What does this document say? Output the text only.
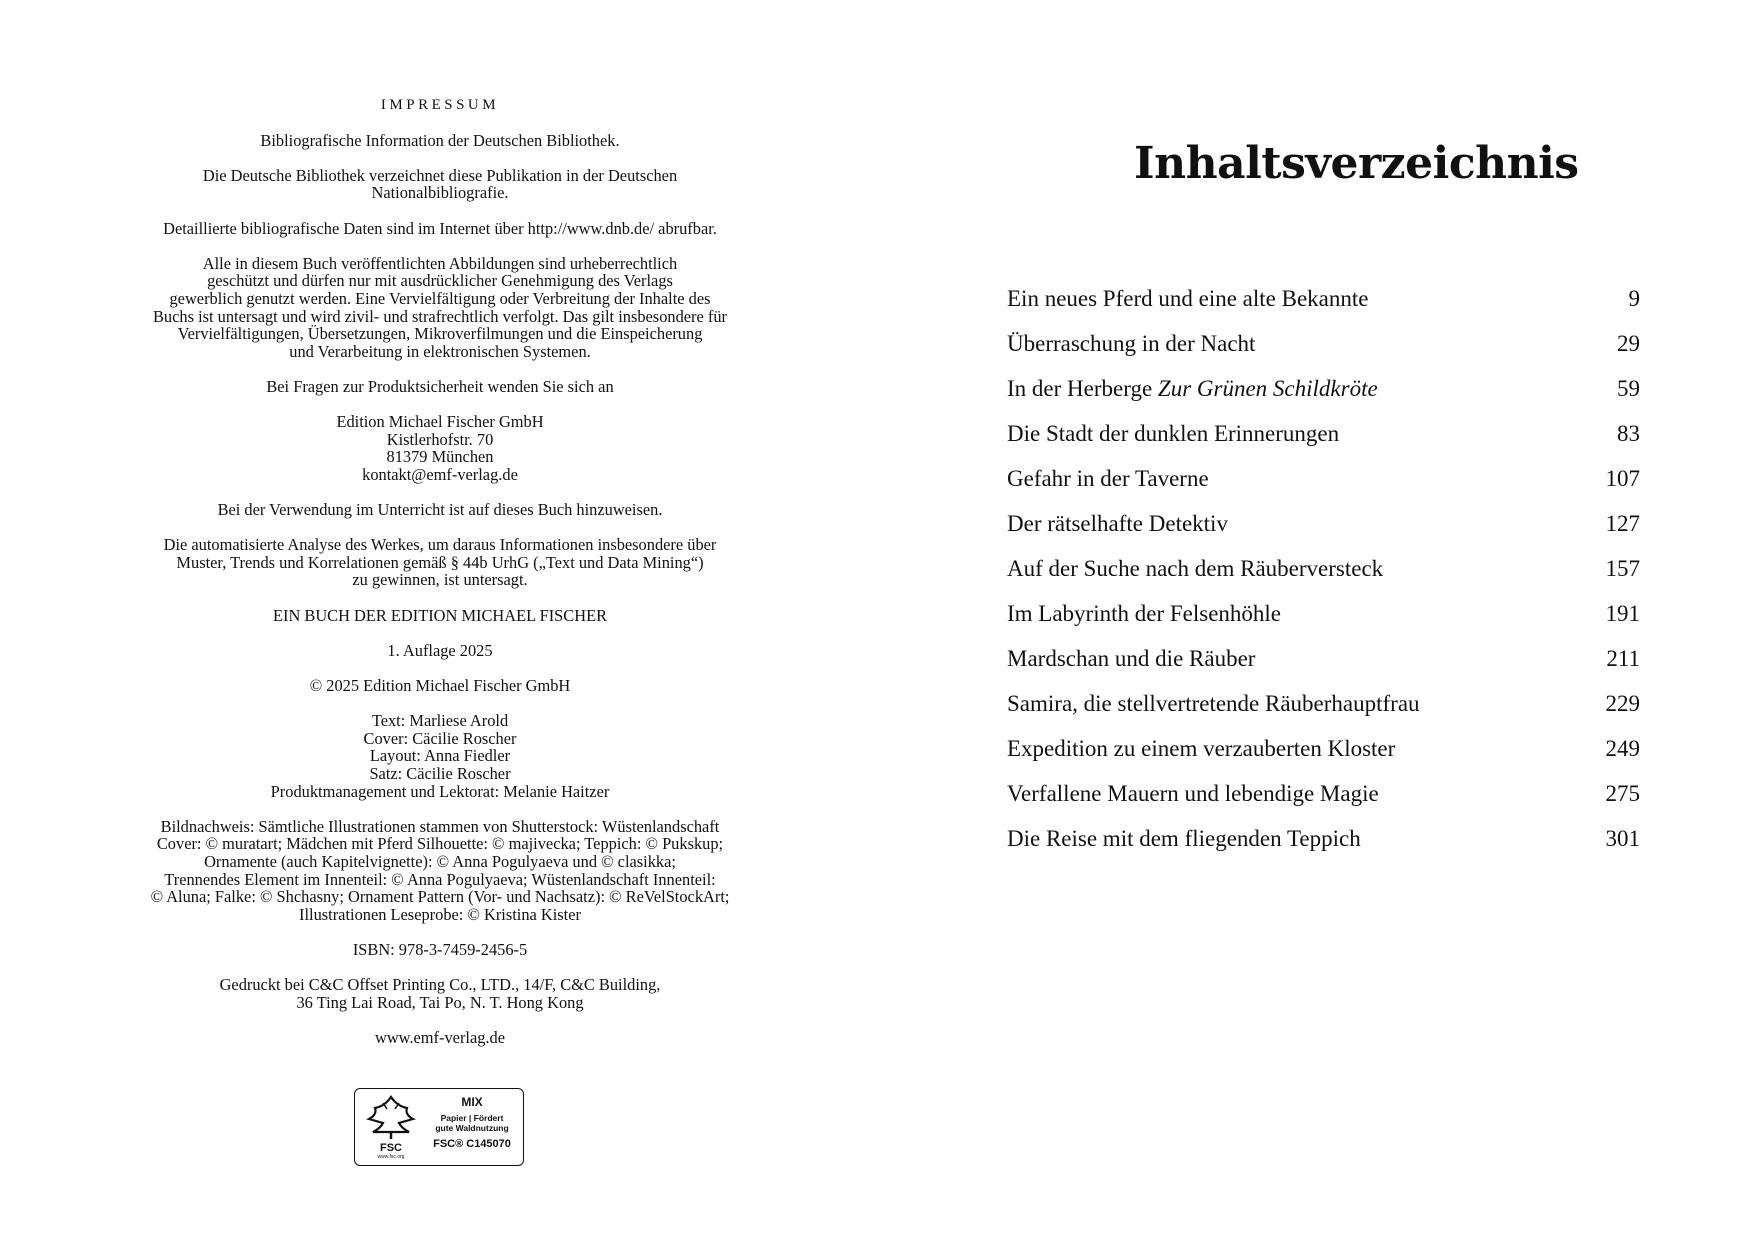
IMPRESSUM
Bibliografische Information der Deutschen Bibliothek.
Die Deutsche Bibliothek verzeichnet diese Publikation in der Deutschen
Nationalbibliografie.
Detaillierte bibliografische Daten sind im Internet über http://www.dnb.de/ abrufbar.
Alle in diesem Buch veröffentlichten Abbildungen sind urheberrechtlich
geschützt und dürfen nur mit ausdrücklicher Genehmigung des Verlags
gewerblich genutzt werden. Eine Vervielfältigung oder Verbreitung der Inhalte des
Buchs ist untersagt und wird zivil- und strafrechtlich verfolgt. Das gilt insbesondere für
Vervielfältigungen, Übersetzungen, Mikroverfilmungen und die Einspeicherung
und Verarbeitung in elektronischen Systemen.
Bei Fragen zur Produktsicherheit wenden Sie sich an
Edition Michael Fischer GmbH
Kistlerhofstr. 70
81379 München
kontakt@emf-verlag.de
Bei der Verwendung im Unterricht ist auf dieses Buch hinzuweisen.
Die automatisierte Analyse des Werkes, um daraus Informationen insbesondere über
Muster, Trends und Korrelationen gemäß § 44b UrhG („Text und Data Mining“)
zu gewinnen, ist untersagt.
EIN BUCH DER EDITION MICHAEL FISCHER
1. Auflage 2025
© 2025 Edition Michael Fischer GmbH
Text: Marliese Arold
Cover: Cäcilie Roscher
Layout: Anna Fiedler
Satz: Cäcilie Roscher
Produktmanagement und Lektorat: Melanie Haitzer
Bildnachweis: Sämtliche Illustrationen stammen von Shutterstock: Wüstenlandschaft
Cover: © muratart; Mädchen mit Pferd Silhouette: © majivecka; Teppich: © Pukskup;
Ornamente (auch Kapitelvignette): © Anna Pogulyaeva und © clasikka;
Trennendes Element im Innenteil: © Anna Pogulyaeva; Wüstenlandschaft Innenteil:
© Aluna; Falke: © Shchasny; Ornament Pattern (Vor- und Nachsatz): © ReVelStockArt;
Illustrationen Leseprobe: © Kristina Kister
ISBN: 978-3-7459-2456-5
Gedruckt bei C&C Offset Printing Co., LTD., 14/F, C&C Building,
36 Ting Lai Road, Tai Po, N. T. Hong Kong
www.emf-verlag.de
FSC
www.fsc.org
MIX
Papier | Fördert
gute Waldnutzung
FSC® C145070
Inhaltsverzeichnis
Ein neues Pferd und eine alte Bekannte	9
Überraschung in der Nacht	29
In der Herberge Zur Grünen Schildkröte	59
Die Stadt der dunklen Erinnerungen	83
Gefahr in der Taverne	107
Der rätselhafte Detektiv	127
Auf der Suche nach dem Räuberversteck	157
Im Labyrinth der Felsenhöhle	191
Mardschan und die Räuber	211
Samira, die stellvertretende Räuberhauptfrau	229
Expedition zu einem verzauberten Kloster	249
Verfallene Mauern und lebendige Magie	275
Die Reise mit dem fliegenden Teppich	301
